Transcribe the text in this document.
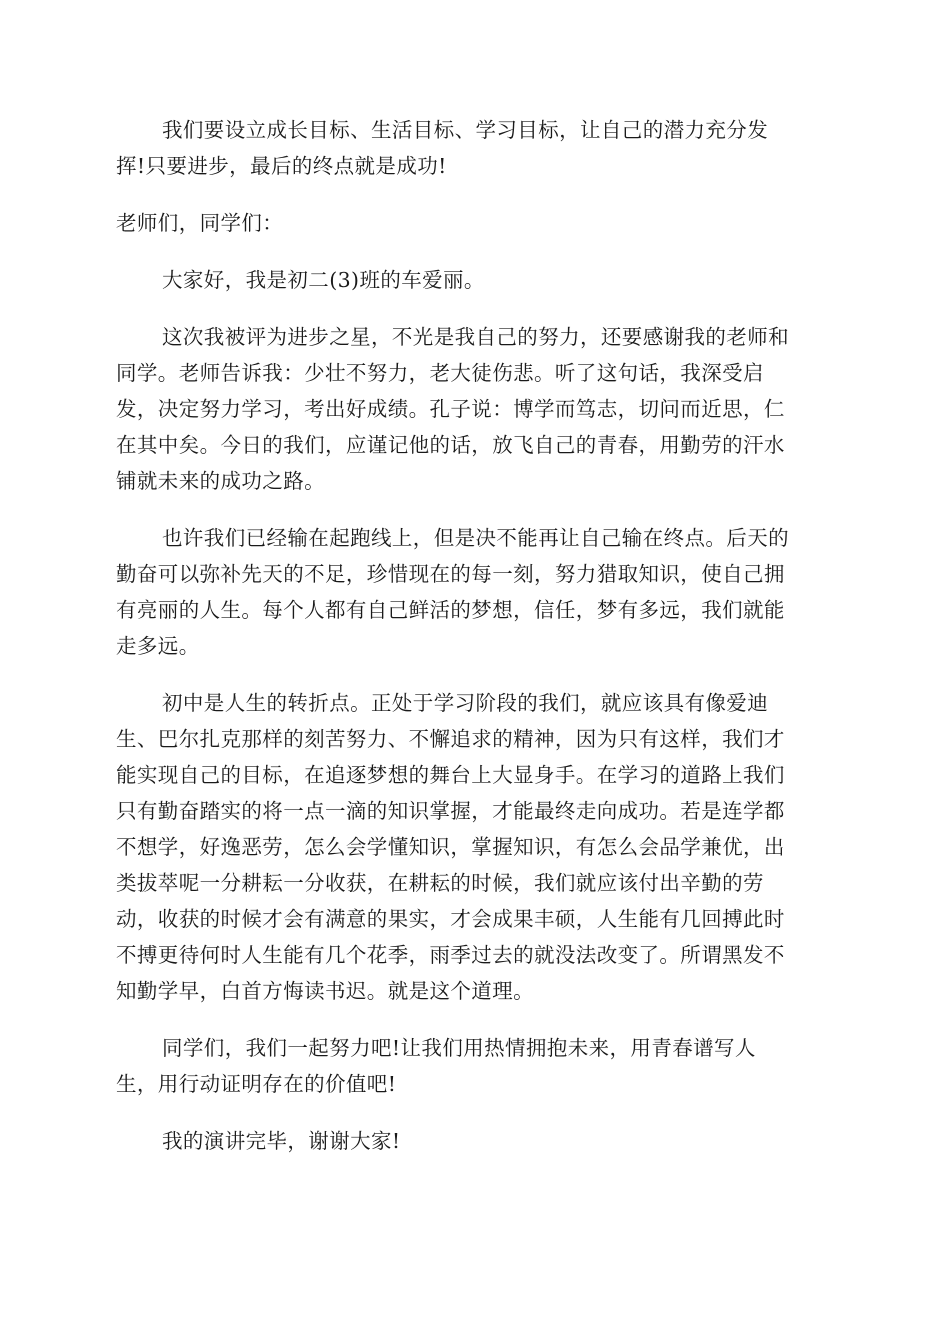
我们要设立成长目标、生活目标、学习目标，让自己的潜力充分发
挥!只要进步，最后的终点就是成功!

老师们，同学们：

大家好，我是初二(3)班的车爱丽。

这次我被评为进步之星，不光是我自己的努力，还要感谢我的老师和
同学。老师告诉我：少壮不努力，老大徒伤悲。听了这句话，我深受启
发，决定努力学习，考出好成绩。孔子说：博学而笃志，切问而近思，仁
在其中矣。今日的我们，应谨记他的话，放飞自己的青春，用勤劳的汗水
铺就未来的成功之路。

也许我们已经输在起跑线上，但是决不能再让自己输在终点。后天的
勤奋可以弥补先天的不足，珍惜现在的每一刻，努力猎取知识，使自己拥
有亮丽的人生。每个人都有自己鲜活的梦想，信任，梦有多远，我们就能
走多远。

初中是人生的转折点。正处于学习阶段的我们，就应该具有像爱迪
生、巴尔扎克那样的刻苦努力、不懈追求的精神，因为只有这样，我们才
能实现自己的目标，在追逐梦想的舞台上大显身手。在学习的道路上我们
只有勤奋踏实的将一点一滴的知识掌握，才能最终走向成功。若是连学都
不想学，好逸恶劳，怎么会学懂知识，掌握知识，有怎么会品学兼优，出
类拔萃呢一分耕耘一分收获，在耕耘的时候，我们就应该付出辛勤的劳
动，收获的时候才会有满意的果实，才会成果丰硕，人生能有几回搏此时
不搏更待何时人生能有几个花季，雨季过去的就没法改变了。所谓黑发不
知勤学早，白首方悔读书迟。就是这个道理。

同学们，我们一起努力吧!让我们用热情拥抱未来，用青春谱写人
生，用行动证明存在的价值吧!

我的演讲完毕，谢谢大家!
